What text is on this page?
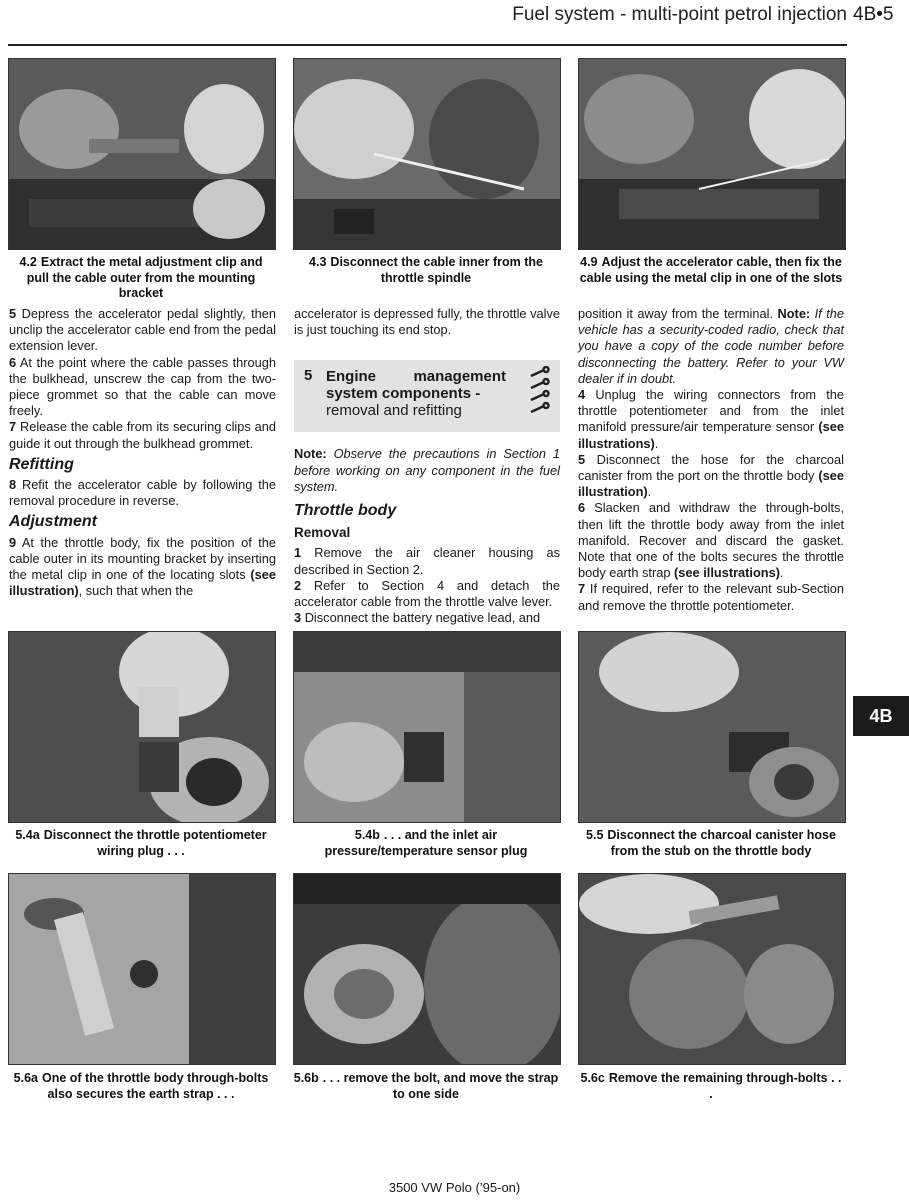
Fuel system - multi-point petrol injection 4B•5
4.2 Extract the metal adjustment clip and pull the cable outer from the mounting bracket
4.3 Disconnect the cable inner from the throttle spindle
4.9 Adjust the accelerator cable, then fix the cable using the metal clip in one of the slots

5 Depress the accelerator pedal slightly, then unclip the accelerator cable end from the pedal extension lever.

6 At the point where the cable passes through the bulkhead, unscrew the cap from the two-piece grommet so that the cable can move freely.

7 Release the cable from its securing clips and guide it out through the bulkhead grommet.

Refitting

8 Refit the accelerator cable by following the removal procedure in reverse.

Adjustment

9 At the throttle body, fix the position of the cable outer in its mounting bracket by inserting the metal clip in one of the locating slots (see illustration), such that when the

accelerator is depressed fully, the throttle valve is just touching its end stop.

5 Engine management system components -
removal and refitting

Note: Observe the precautions in Section 1 before working on any component in the fuel system.

Throttle body
Removal

1 Remove the air cleaner housing as described in Section 2.

2 Refer to Section 4 and detach the accelerator cable from the throttle valve lever.

3 Disconnect the battery negative lead, and

position it away from the terminal. Note: If the vehicle has a security-coded radio, check that you have a copy of the code number before disconnecting the battery. Refer to your VW dealer if in doubt.

4 Unplug the wiring connectors from the throttle potentiometer and from the inlet manifold pressure/air temperature sensor (see illustrations).

5 Disconnect the hose for the charcoal canister from the port on the throttle body (see illustration).

6 Slacken and withdraw the through-bolts, then lift the throttle body away from the inlet manifold. Recover and discard the gasket. Note that one of the bolts secures the throttle body earth strap (see illustrations).

7 If required, refer to the relevant sub-Section and remove the throttle potentiometer.

4B
5.4a Disconnect the throttle potentiometer wiring plug . . .
5.4b . . . and the inlet air pressure/temperature sensor plug
5.5 Disconnect the charcoal canister hose from the stub on the throttle body
5.6a One of the throttle body through-bolts also secures the earth strap . . .
5.6b . . . remove the bolt, and move the strap to one side
5.6c Remove the remaining through-bolts . . .
3500 VW Polo (’95-on)
